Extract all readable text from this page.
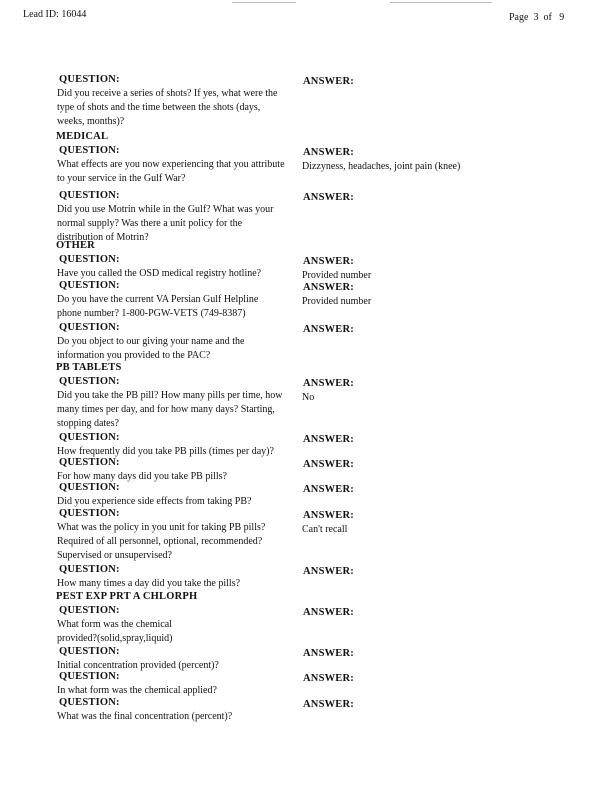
Lead ID: 16044	Page  3  of   9
QUESTION:
Did you receive a series of shots? If yes, what were the
type of shots and the time between the shots (days,
weeks, months)?
ANSWER:
MEDICAL
QUESTION:
What effects are you now experiencing that you attribute
to your service in the Gulf War?
ANSWER:
Dizzyness, headaches, joint pain (knee)
QUESTION:
Did you use Motrin while in the Gulf? What was your
normal supply? Was there a unit policy for the
distribution of Motrin?
ANSWER:
OTHER
QUESTION:
Have you called the OSD medical registry hotline?
ANSWER:
Provided number
QUESTION:
Do you have the current VA Persian Gulf Helpline
phone number? 1-800-PGW-VETS (749-8387)
ANSWER:
Provided number
QUESTION:
Do you object to our giving your name and the
information you provided to the PAC?
ANSWER:
PB TABLETS
QUESTION:
Did you take the PB pill? How many pills per time, how
many times per day, and for how many days? Starting,
stopping dates?
ANSWER:
No
QUESTION:
How frequently did you take PB pills (times per day)?
ANSWER:
QUESTION:
For how many days did you take PB pills?
ANSWER:
QUESTION:
Did you experience side effects from taking PB?
ANSWER:
QUESTION:
What was the policy in you unit for taking PB pills?
Required of all personnel, optional, recommended?
Supervised or unsupervised?
ANSWER:
Can't recall
QUESTION:
How many times a day did you take the pills?
ANSWER:
PEST EXP PRT A CHLORPH
QUESTION:
What form was the chemical
provided?(solid,spray,liquid)
ANSWER:
QUESTION:
Initial concentration provided (percent)?
ANSWER:
QUESTION:
In what form was the chemical applied?
ANSWER:
QUESTION:
What was the final concentration (percent)?
ANSWER:
